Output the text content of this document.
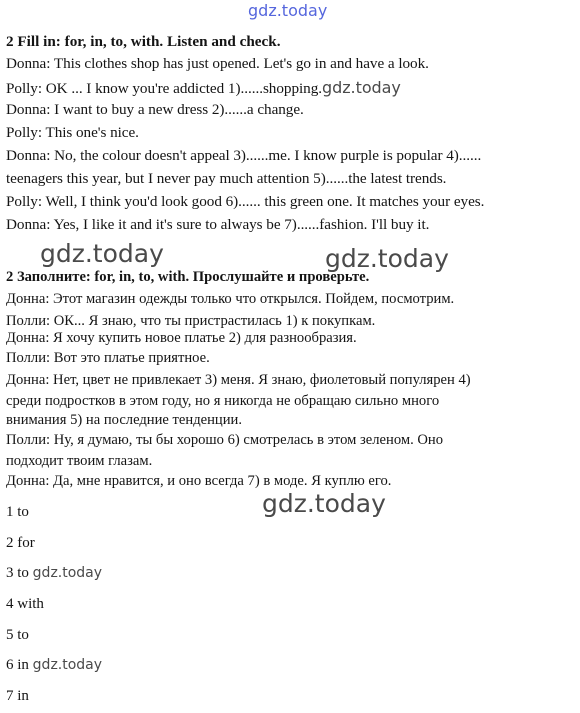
gdz.today
2 Fill in: for, in, to, with. Listen and check.
Donna: This clothes shop has just opened. Let's go in and have a look.
Polly: OK ... I know you're addicted 1)......shopping.gdz.today
Donna: I want to buy a new dress 2)......a change.
Polly: This one's nice.
Donna: No, the colour doesn't appeal 3)......me. I know purple is popular 4)......
teenagers this year, but I never pay much attention 5)......the latest trends.
Polly: Well, I think you'd look good 6)...... this green one. It matches your eyes.
Donna: Yes, I like it and it's sure to always be 7)......fashion. I'll buy it.
gdz.today	gdz.today
2 Заполните: for, in, to, with. Прослушайте и проверьте.
Донна: Этот магазин одежды только что открылся. Пойдем, посмотрим.
Полли: ОК... Я знаю, что ты пристрастилась 1) к покупкам.
Донна: Я хочу купить новое платье 2) для разнообразия.
Полли: Вот это платье приятное.
Донна: Нет, цвет не привлекает 3) меня. Я знаю, фиолетовый популярен 4)
среди подростков в этом году, но я никогда не обращаю сильно много
внимания 5) на последние тенденции.
Полли: Ну, я думаю, ты бы хорошо 6) смотрелась в этом зеленом. Оно
подходит твоим глазам.
Донна: Да, мне нравится, и оно всегда 7) в моде. Я куплю его.
gdz.today
1 to
2 for
3 to gdz.today
4 with
5 to
6 in gdz.today
7 in
